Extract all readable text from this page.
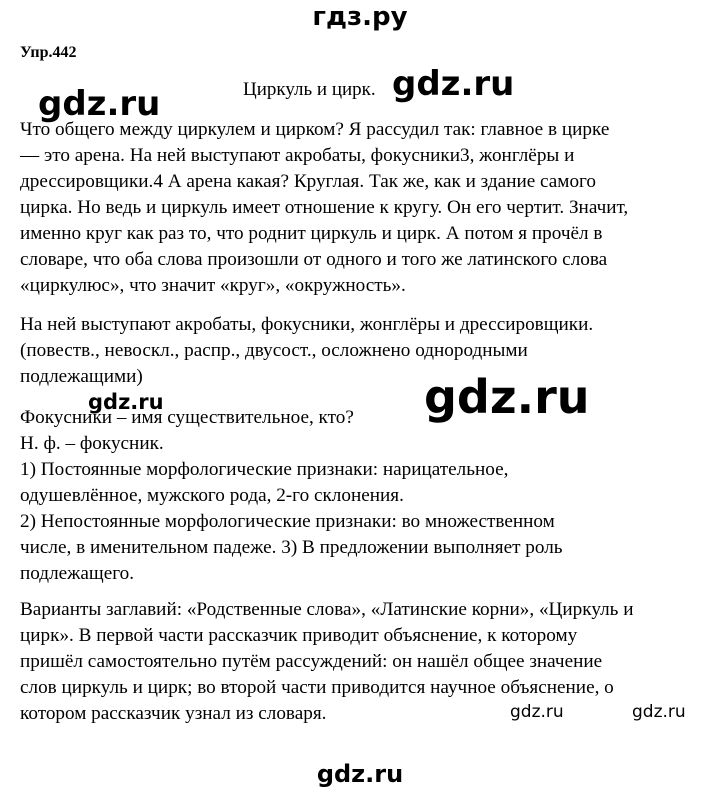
гдз.ру
Упр.442
Циркуль и цирк.
Что общего между циркулем и цирком? Я рассудил так: главное в цирке
— это арена. На ней выступают акробаты, фокусники3, жонглёры и
дрессировщики.4 А арена какая? Круглая. Так же, как и здание самого
цирка. Но ведь и циркуль имеет отношение к кругу. Он его чертит. Значит,
именно круг как раз то, что роднит циркуль и цирк. А потом я прочёл в
словаре, что оба слова произошли от одного и того же латинского слова
«циркулюс», что значит «круг», «окружность».
На ней выступают акробаты, фокусники, жонглёры и дрессировщики.
(повеств., невоскл., распр., двусост., осложнено однородными
подлежащими)
Фокусники – имя существительное, кто?
Н. ф. – фокусник.
1) Постоянные морфологические признаки: нарицательное,
одушевлённое, мужского рода, 2-го склонения.
2) Непостоянные морфологические признаки: во множественном
числе, в именительном падеже. 3) В предложении выполняет роль
подлежащего.
Варианты заглавий: «Родственные слова», «Латинские корни», «Циркуль и
цирк». В первой части рассказчик приводит объяснение, к которому
пришёл самостоятельно путём рассуждений: он нашёл общее значение
слов циркуль и цирк; во второй части приводится научное объяснение, о
котором рассказчик узнал из словаря.
gdz.ru	gdz.ru
gdz.ru
gdz.ru
gdz.ru	gdz.ru
gdz.ru
